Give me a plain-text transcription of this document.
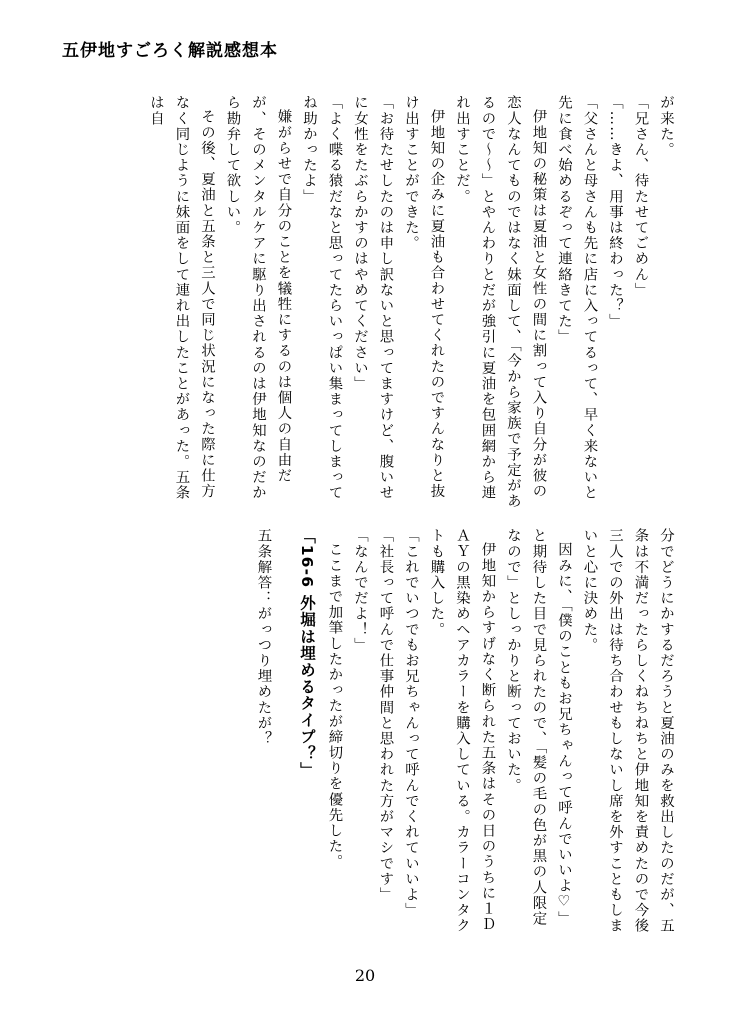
五伊地すごろく解説感想本

が来た。

「兄さん、待たせてごめん」

「……きよ、用事は終わった？」

「父さんと母さんも先に店に入ってるって、早く来ないと先に食べ始めるぞって連絡きてた」

伊地知の秘策は夏油と女性の間に割って入り自分が彼の恋人なんてものではなく妹面して、「今から家族で予定があるので〜〜」とやんわりとだが強引に夏油を包囲網から連れ出すことだ。

伊地知の企みに夏油も合わせてくれたのですんなりと抜け出すことができた。

「お待たせしたのは申し訳ないと思ってますけど、腹いせに女性をたぶらかすのはやめてください」

「よく喋る猿だなと思ってたらいっぱい集まってしまってね助かったよ」

嫌がらせで自分のことを犠牲にするのは個人の自由だが、そのメンタルケアに駆り出されるのは伊地知なのだから勘弁して欲しい。

その後、夏油と五条と三人で同じ状況になった際に仕方なく同じように妹面をして連れ出したことがあった。五条は自

分でどうにかするだろうと夏油のみを救出したのだが、五条は不満だったらしくねちねちと伊地知を責めたので今後三人での外出は待ち合わせもしないし席を外すこともしまいと心に決めた。

因みに、「僕のこともお兄ちゃんって呼んでいいよ♡」と期待した目で見られたので、「髪の毛の色が黒の人限定なので」としっかりと断っておいた。

伊地知からすげなく断られた五条はその日のうちに１ＤＡＹの黒染めヘアカラーを購入している。カラーコンタクトも購入した。

「これでいつでもお兄ちゃんって呼んでくれていいよ」

「社長って呼んで仕事仲間と思われた方がマシです」

「なんでだよ！」

ここまで加筆したかったが締切りを優先した。

「16‐6 外堀は埋めるタイプ？」

五条解答：がっつり埋めたが？

20
